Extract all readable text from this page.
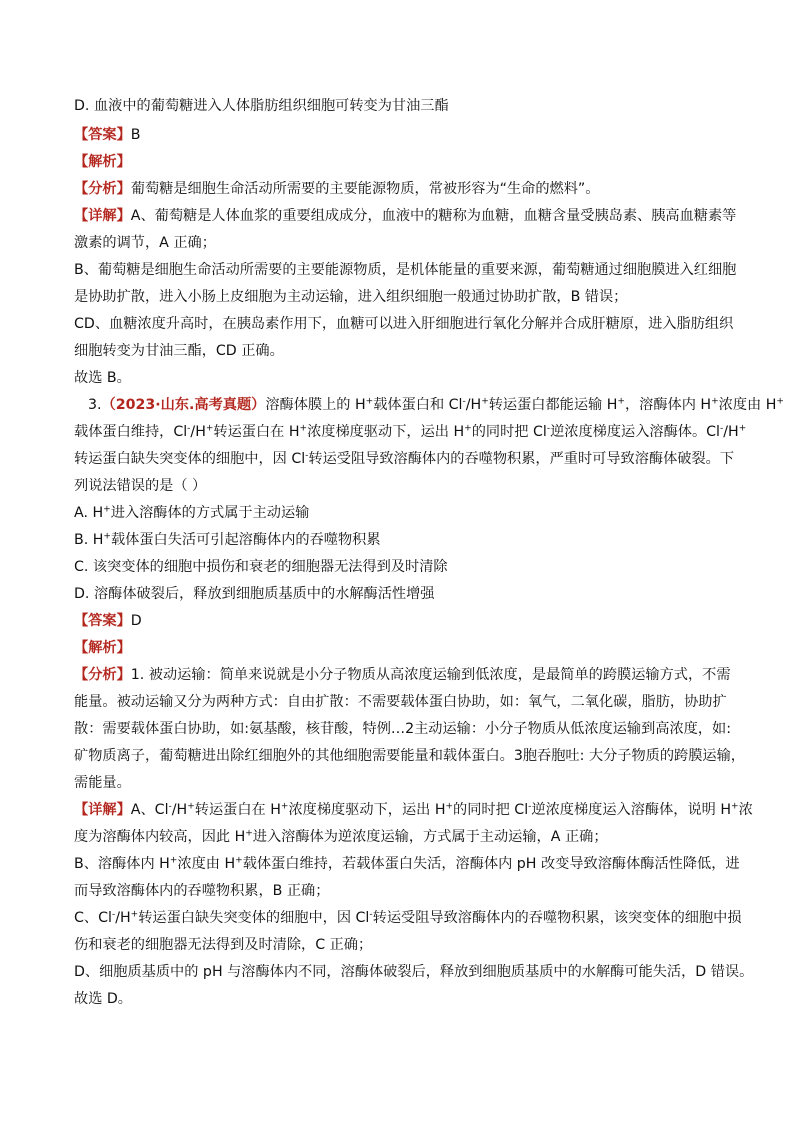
D. 血液中的葡萄糖进入人体脂肪组织细胞可转变为甘油三酯
【答案】B
【解析】
【分析】葡萄糖是细胞生命活动所需要的主要能源物质，常被形容为“生命的燃料”。
【详解】A、葡萄糖是人体血浆的重要组成成分，血液中的糖称为血糖，血糖含量受胰岛素、胰高血糖素等
激素的调节，A 正确；
B、葡萄糖是细胞生命活动所需要的主要能源物质，是机体能量的重要来源，葡萄糖通过细胞膜进入红细胞
是协助扩散，进入小肠上皮细胞为主动运输，进入组织细胞一般通过协助扩散，B 错误；
CD、血糖浓度升高时，在胰岛素作用下，血糖可以进入肝细胞进行氧化分解并合成肝糖原，进入脂肪组织
细胞转变为甘油三酯，CD 正确。
故选 B。
3.（2023·山东.高考真题）溶酶体膜上的 H+载体蛋白和 Cl-/H+转运蛋白都能运输 H+，溶酶体内 H+浓度由 H+
载体蛋白维持，Cl-/H+转运蛋白在 H+浓度梯度驱动下，运出 H+的同时把 Cl-逆浓度梯度运入溶酶体。Cl-/H+
转运蛋白缺失突变体的细胞中，因 Cl-转运受阻导致溶酶体内的吞噬物积累，严重时可导致溶酶体破裂。下
列说法错误的是（ ）
A. H+进入溶酶体的方式属于主动运输
B. H+载体蛋白失活可引起溶酶体内的吞噬物积累
C. 该突变体的细胞中损伤和衰老的细胞器无法得到及时清除
D. 溶酶体破裂后，释放到细胞质基质中的水解酶活性增强
【答案】D
【解析】
【分析】1. 被动运输：简单来说就是小分子物质从高浓度运输到低浓度，是最简单的跨膜运输方式，不需
能量。被动运输又分为两种方式：自由扩散：不需要载体蛋白协助，如：氧气，二氧化碳，脂肪，协助扩
散：需要载体蛋白协助，如:氨基酸，核苷酸，特例…2主动运输：小分子物质从低浓度运输到高浓度，如:
矿物质离子，葡萄糖进出除红细胞外的其他细胞需要能量和载体蛋白。3胞吞胞吐: 大分子物质的跨膜运输，
需能量。
【详解】A、Cl-/H+转运蛋白在 H+浓度梯度驱动下，运出 H+的同时把 Cl-逆浓度梯度运入溶酶体，说明 H+浓
度为溶酶体内较高，因此 H+进入溶酶体为逆浓度运输，方式属于主动运输，A 正确；
B、溶酶体内 H+浓度由 H+载体蛋白维持，若载体蛋白失活，溶酶体内 pH 改变导致溶酶体酶活性降低，进
而导致溶酶体内的吞噬物积累，B 正确；
C、Cl-/H+转运蛋白缺失突变体的细胞中，因 Cl-转运受阻导致溶酶体内的吞噬物积累，该突变体的细胞中损
伤和衰老的细胞器无法得到及时清除，C 正确；
D、细胞质基质中的 pH 与溶酶体内不同，溶酶体破裂后，释放到细胞质基质中的水解酶可能失活，D 错误。
故选 D。
